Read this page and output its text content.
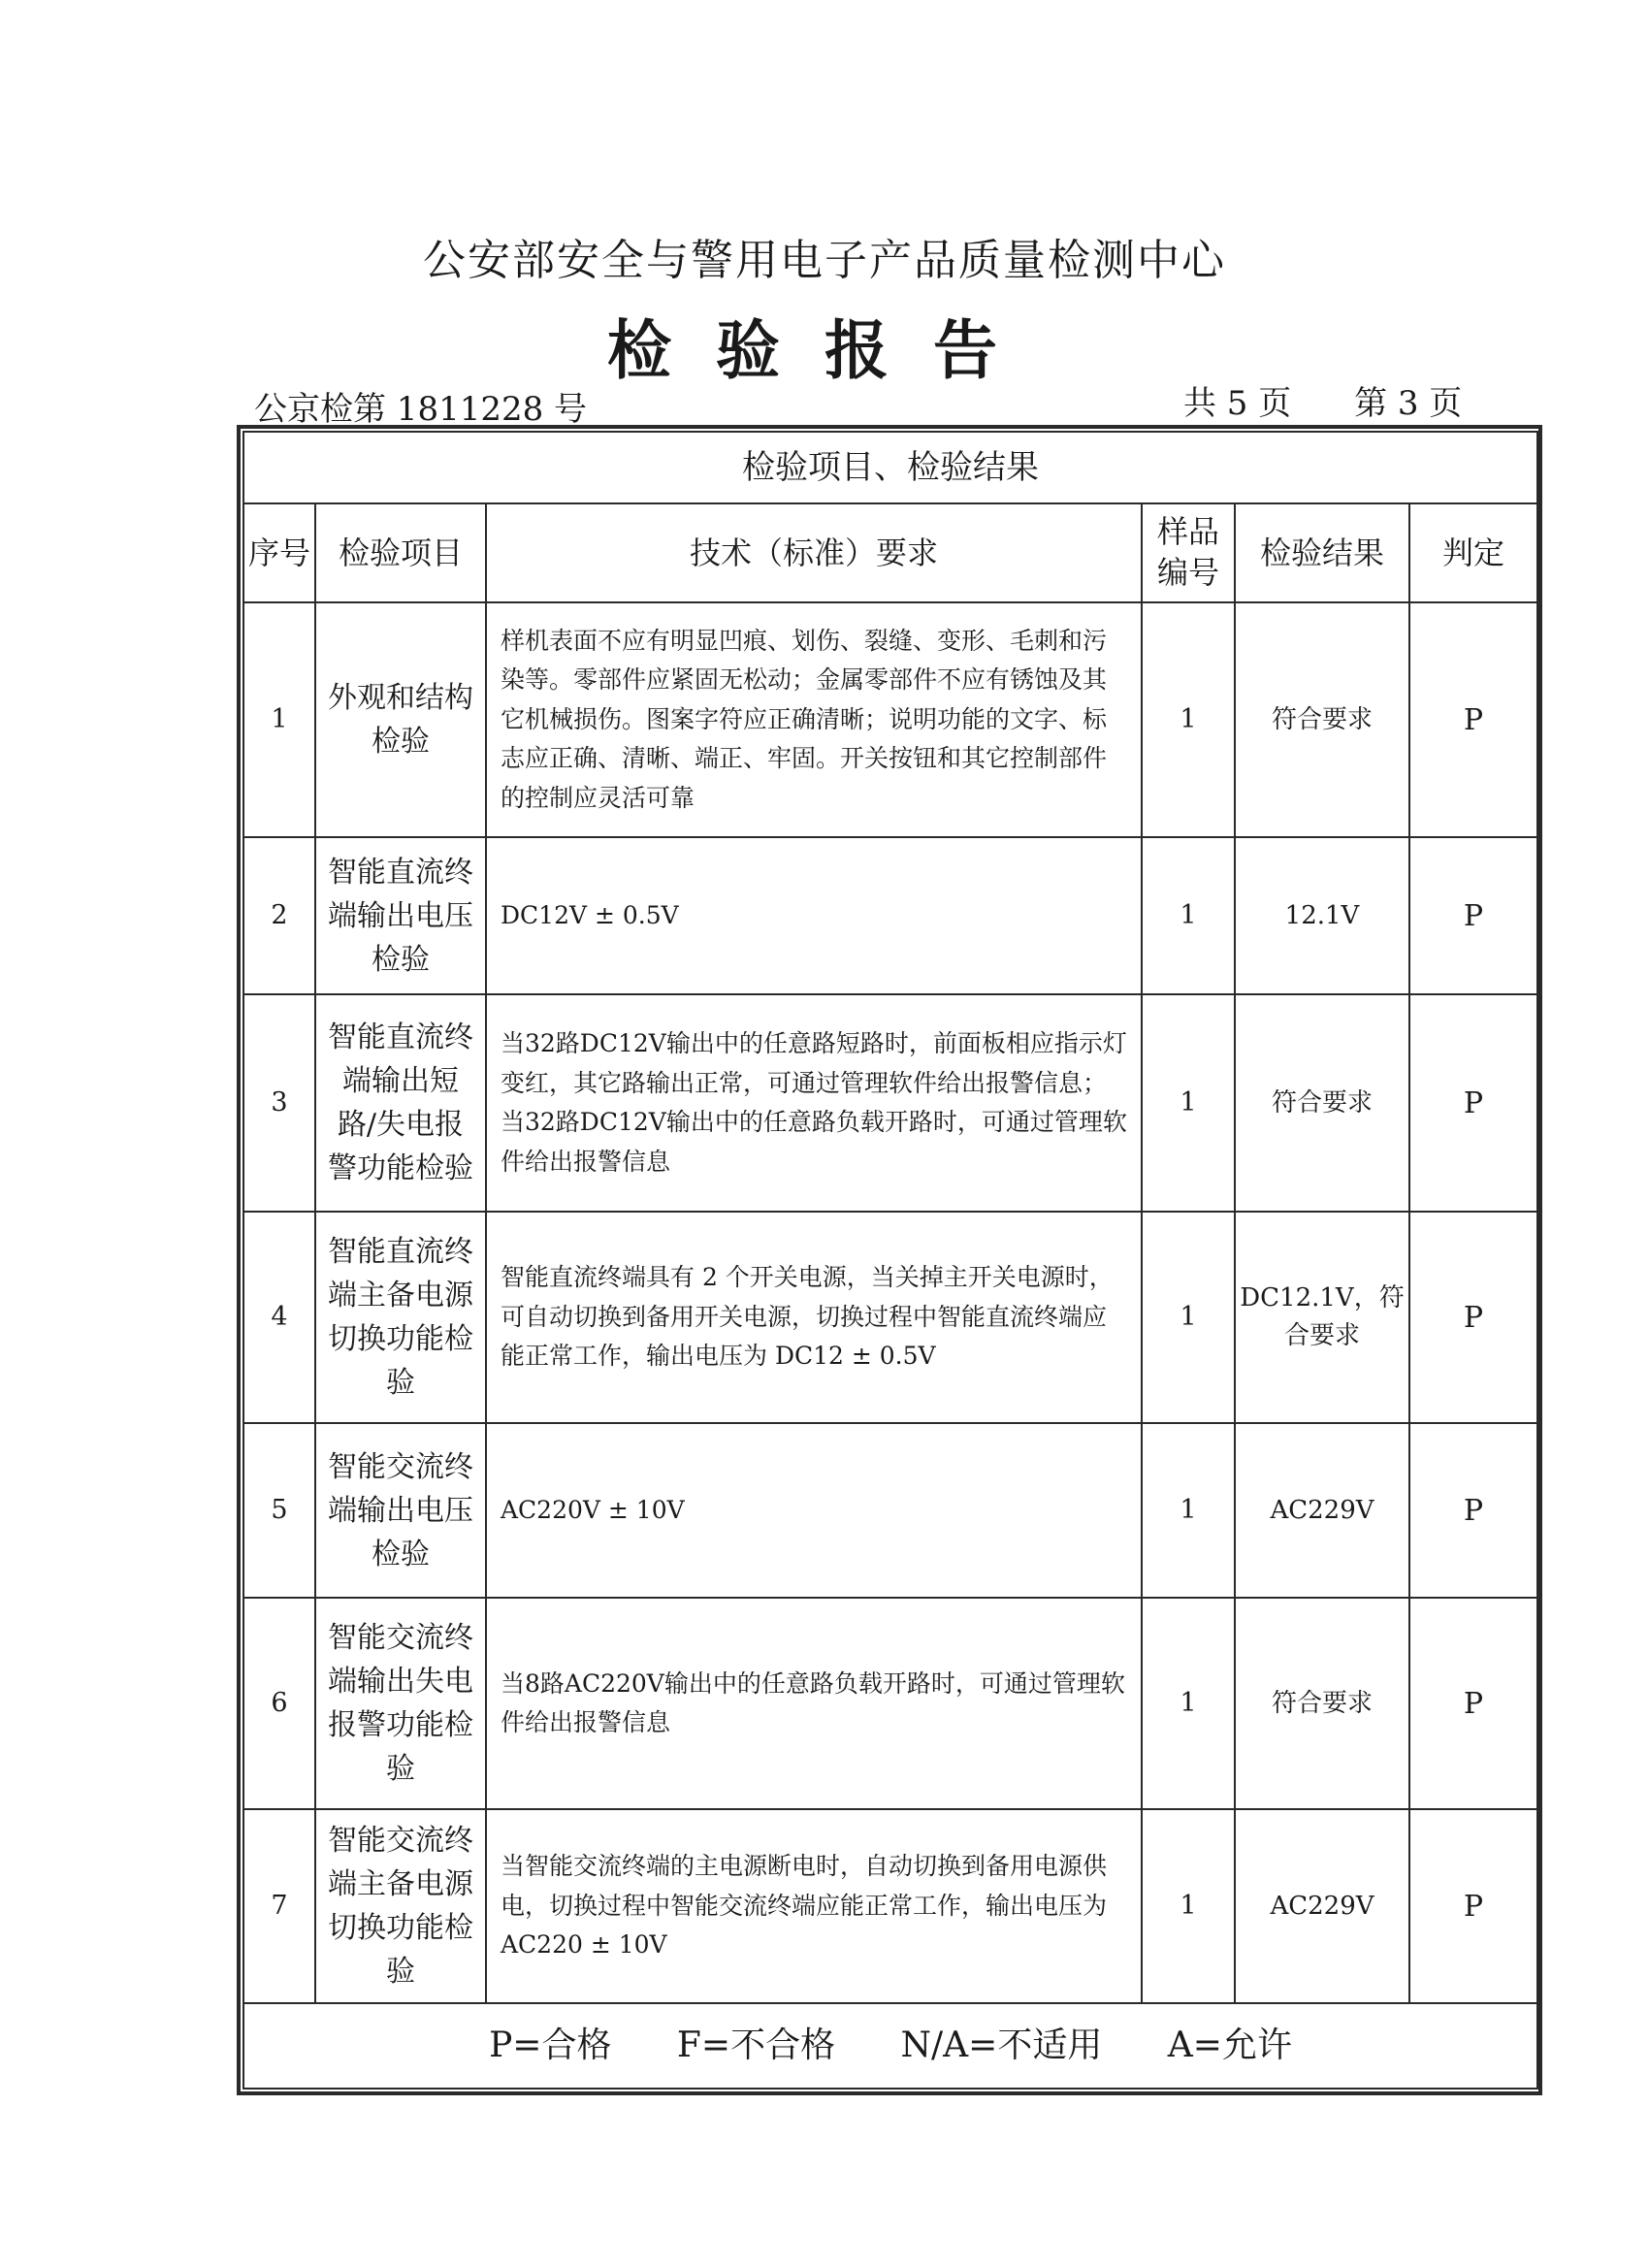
公安部安全与警用电子产品质量检测中心
检验报告
公京检第 1811228 号	共 5 页 第 3 页
检验项目、检验结果					
序号	检验项目	技术（标准）要求	样品编号	检验结果	判定
1	外观和结构检验	样机表面不应有明显凹痕、划伤、裂缝、变形、毛刺和污染等。零部件应紧固无松动；金属零部件不应有锈蚀及其它机械损伤。图案字符应正确清晰；说明功能的文字、标志应正确、清晰、端正、牢固。开关按钮和其它控制部件的控制应灵活可靠	1	符合要求	P
2	智能直流终端输出电压检验	DC12V ± 0.5V	1	12.1V	P
3	智能直流终端输出短路/失电报警功能检验	当32路DC12V输出中的任意路短路时，前面板相应指示灯变红，其它路输出正常，可通过管理软件给出报警信息；当32路DC12V输出中的任意路负载开路时，可通过管理软件给出报警信息	1	符合要求	P
4	智能直流终端主备电源切换功能检验	智能直流终端具有 2 个开关电源，当关掉主开关电源时，可自动切换到备用开关电源，切换过程中智能直流终端应能正常工作，输出电压为 DC12 ± 0.5V	1	DC12.1V，符合要求	P
5	智能交流终端输出电压检验	AC220V ± 10V	1	AC229V	P
6	智能交流终端输出失电报警功能检验	当8路AC220V输出中的任意路负载开路时，可通过管理软件给出报警信息	1	符合要求	P
7	智能交流终端主备电源切换功能检验	当智能交流终端的主电源断电时，自动切换到备用电源供电，切换过程中智能交流终端应能正常工作，输出电压为 AC220 ± 10V	1	AC229V	P
P=合格 F=不合格 N/A=不适用 A=允许					
